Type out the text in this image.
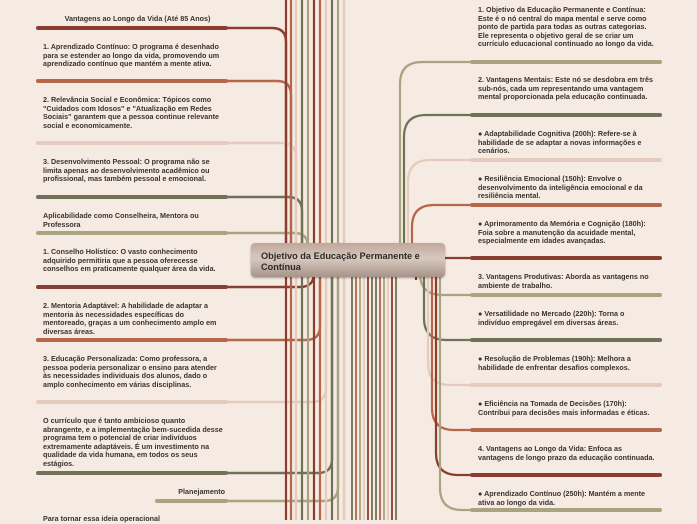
Vantagens ao Longo da Vida (Até 85 Anos)

1. Aprendizado Contínuo: O programa é desenhado para se estender ao longo da vida, promovendo um aprendizado contínuo que mantém a mente ativa.

2. Relevância Social e Econômica: Tópicos como "Cuidados com Idosos" e "Atualização em Redes Sociais" garantem que a pessoa continue relevante social e economicamente.

3. Desenvolvimento Pessoal: O programa não se limita apenas ao desenvolvimento acadêmico ou profissional, mas também pessoal e emocional.

Aplicabilidade como Conselheira, Mentora ou Professora

1. Conselho Holístico: O vasto conhecimento adquirido permitiria que a pessoa oferecesse conselhos em praticamente qualquer área da vida.

2. Mentoria Adaptável: A habilidade de adaptar a mentoria às necessidades específicas do mentoreado, graças a um conhecimento amplo em diversas áreas.

3. Educação Personalizada: Como professora, a pessoa poderia personalizar o ensino para atender às necessidades individuais dos alunos, dado o amplo conhecimento em várias disciplinas.

O currículo que é tanto ambicioso quanto abrangente, e a implementação bem-sucedida desse programa tem o potencial de criar indivíduos extremamente adaptáveis. É um investimento na qualidade da vida humana, em todos os seus estágios.

Planejamento

Para tornar essa ideia operacional

1. Objetivo da Educação Permanente e Contínua: Este é o nó central do mapa mental e serve como ponto de partida para todas as outras categorias. Ele representa o objetivo geral de se criar um currículo educacional continuado ao longo da vida.

2. Vantagens Mentais: Este nó se desdobra em três sub-nós, cada um representando uma vantagem mental proporcionada pela educação continuada.

● Adaptabilidade Cognitiva (200h): Refere-se à habilidade de se adaptar a novas informações e cenários.

● Resiliência Emocional (150h): Envolve o desenvolvimento da inteligência emocional e da resiliência mental.

● Aprimoramento da Memória e Cognição (180h): Foia sobre a manutenção da acuidade mental, especialmente em idades avançadas.

3. Vantagens Produtivas: Aborda as vantagens no ambiente de trabalho.

● Versatilidade no Mercado (220h): Torna o indivíduo empregável em diversas áreas.

● Resolução de Problemas (190h): Melhora a habilidade de enfrentar desafios complexos.

● Eficiência na Tomada de Decisões (170h): Contribui para decisões mais informadas e éticas.

4. Vantagens ao Longo da Vida: Enfoca as vantagens de longo prazo da educação continuada.

● Aprendizado Contínuo (250h): Mantém a mente ativa ao longo da vida.

Objetivo da Educação Permanente e Contínua
